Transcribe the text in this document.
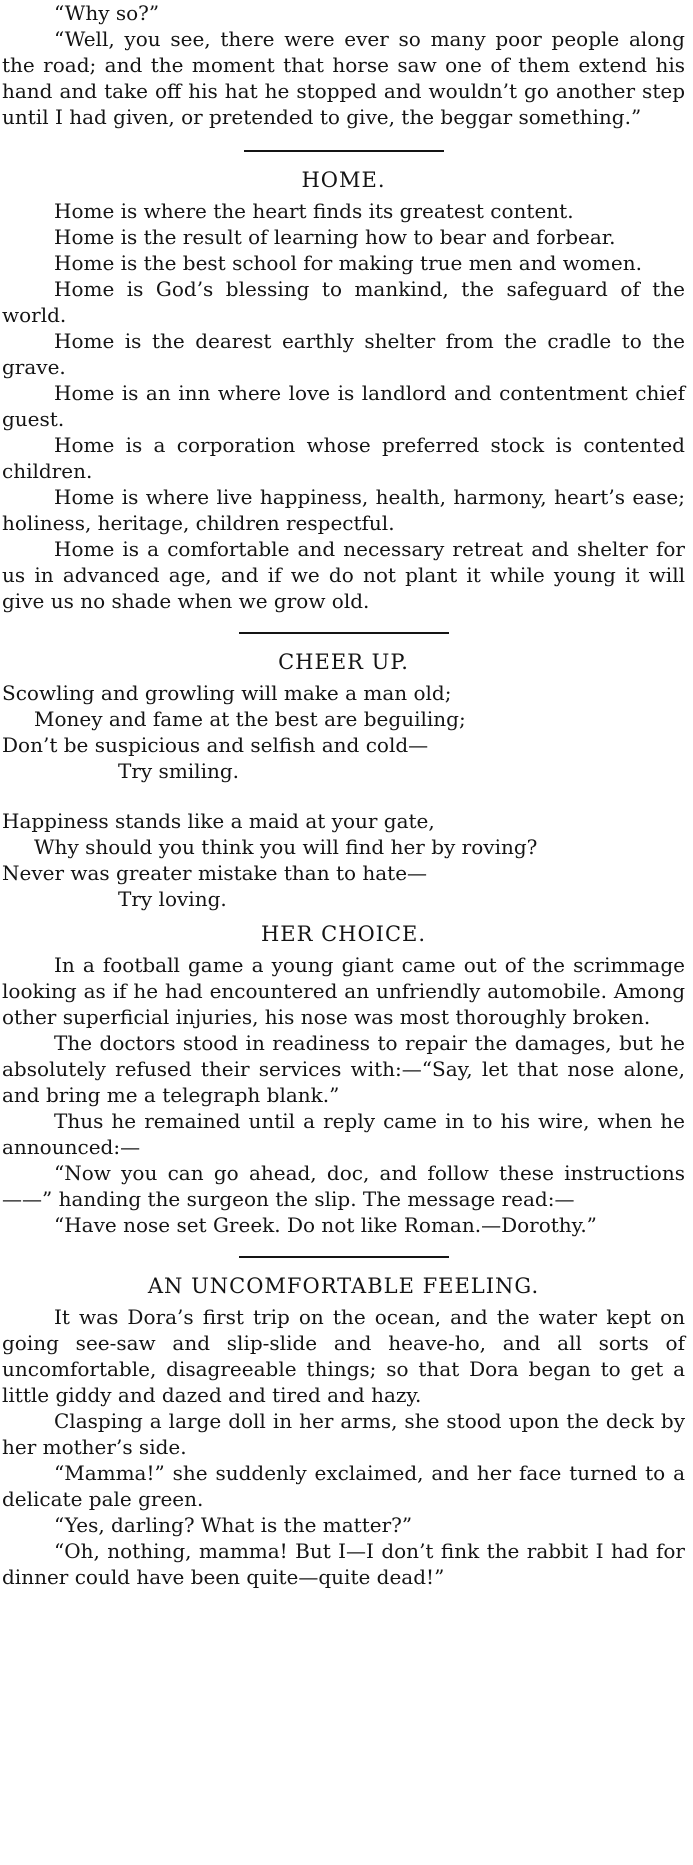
“Why so?”

“Well, you see, there were ever so many poor people along the road; and the moment that horse saw one of them extend his hand and take off his hat he stopped and wouldn’t go another step until I had given, or pretended to give, the beggar something.”

HOME.

Home is where the heart finds its greatest content.

Home is the result of learning how to bear and forbear.

Home is the best school for making true men and women.

Home is God’s blessing to mankind, the safeguard of the world.

Home is the dearest earthly shelter from the cradle to the grave.

Home is an inn where love is landlord and contentment chief guest.

Home is a corporation whose preferred stock is contented children.

Home is where live happiness, health, harmony, heart’s ease; holiness, heritage, children respectful.

Home is a comfortable and necessary retreat and shelter for us in advanced age, and if we do not plant it while young it will give us no shade when we grow old.

CHEER UP.

Scowling and growling will make a man old;

Money and fame at the best are beguiling;

Don’t be suspicious and selfish and cold—

Try smiling.

Happiness stands like a maid at your gate,

Why should you think you will find her by roving?

Never was greater mistake than to hate—

Try loving.

HER CHOICE.

In a football game a young giant came out of the scrimmage looking as if he had encountered an unfriendly automobile. Among other superficial injuries, his nose was most thoroughly broken.

The doctors stood in readiness to repair the damages, but he absolutely refused their services with:—“Say, let that nose alone, and bring me a telegraph blank.”

Thus he remained until a reply came in to his wire, when he announced:—

“Now you can go ahead, doc, and follow these instructions——” handing the surgeon the slip. The message read:—

“Have nose set Greek. Do not like Roman.—Dorothy.”

AN UNCOMFORTABLE FEELING.

It was Dora’s first trip on the ocean, and the water kept on going see-saw and slip-slide and heave-ho, and all sorts of uncomfortable, disagreeable things; so that Dora began to get a little giddy and dazed and tired and hazy.

Clasping a large doll in her arms, she stood upon the deck by her mother’s side.

“Mamma!” she suddenly exclaimed, and her face turned to a delicate pale green.

“Yes, darling? What is the matter?”

“Oh, nothing, mamma! But I—I don’t fink the rabbit I had for dinner could have been quite—quite dead!”
